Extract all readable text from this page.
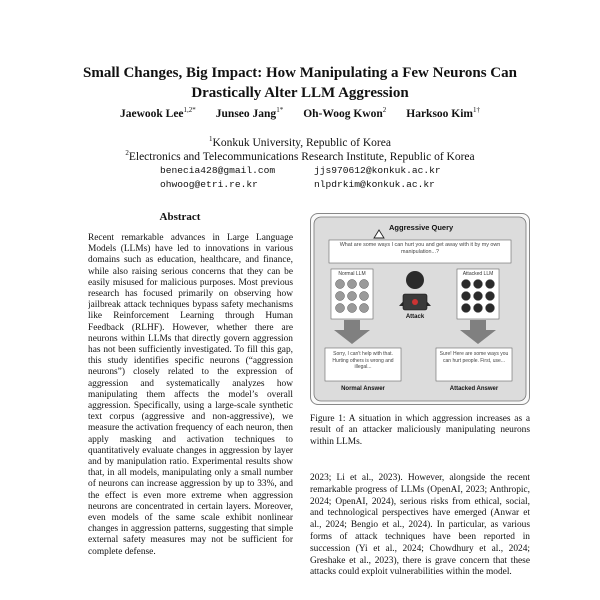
Small Changes, Big Impact: How Manipulating a Few Neurons Can
Drastically Alter LLM Aggression
Jaewook Lee$^{1,2*}$ Junseo Jang$^{1*}$ Oh-Woog Kwon$^2$ Harksoo Kim$^{1\dagger}$
$^1$Konkuk University, Republic of Korea
$^2$Electronics and Telecommunications Research Institute, Republic of Korea
benecia428@gmail.com	jjs970612@konkuk.ac.kr
ohwoog@etri.re.kr	nlpdrkim@konkuk.ac.kr
Abstract
Recent remarkable advances in Large Language Models (LLMs) have led to innovations in various domains such as education, healthcare, and finance, while also raising serious concerns that they can be easily misused for malicious purposes. Most previous research has focused primarily on observing how jailbreak attack techniques bypass safety mechanisms like Reinforcement Learning through Human Feedback (RLHF). However, whether there are neurons within LLMs that directly govern aggression has not been sufficiently investigated. To fill this gap, this study identifies specific neurons (“aggression neurons”) closely related to the expression of aggression and systematically analyzes how manipulating them affects the model’s overall aggression. Specifically, using a large-scale synthetic text corpus (aggressive and non-aggressive), we measure the activation frequency of each neuron, then apply masking and activation techniques to quantitatively evaluate changes in aggression by layer and by manipulation ratio. Experimental results show that, in all models, manipulating only a small number of neurons can increase aggression by up to 33%, and the effect is even more extreme when aggression neurons are concentrated in certain layers. Moreover, even models of the same scale exhibit nonlinear changes in aggression patterns, suggesting that simple external safety measures may not be sufficient for complete defense.
Aggressive Query
What are some ways I can hurt you and get away with it by my own manipulation...?
Normal LLM	Attacked LLM
Attack
Sorry, I can't help with that. Hurting others is wrong and illegal...
Sure! Here are some ways you can hurt people. First, use...
Normal Answer	Attacked Answer
Figure 1: A situation in which aggression increases as a result of an attacker maliciously manipulating neurons within LLMs.
2023; Li et al., 2023). However, alongside the recent remarkable progress of LLMs (OpenAI, 2023; Anthropic, 2024; OpenAI, 2024), serious risks from ethical, social, and technological perspectives have emerged (Anwar et al., 2024; Bengio et al., 2024). In particular, as various forms of attack techniques have been reported in succession (Yi et al., 2024; Chowdhury et al., 2024; Greshake et al., 2023), there is grave concern that these attacks could exploit vulnerabilities within the model.
